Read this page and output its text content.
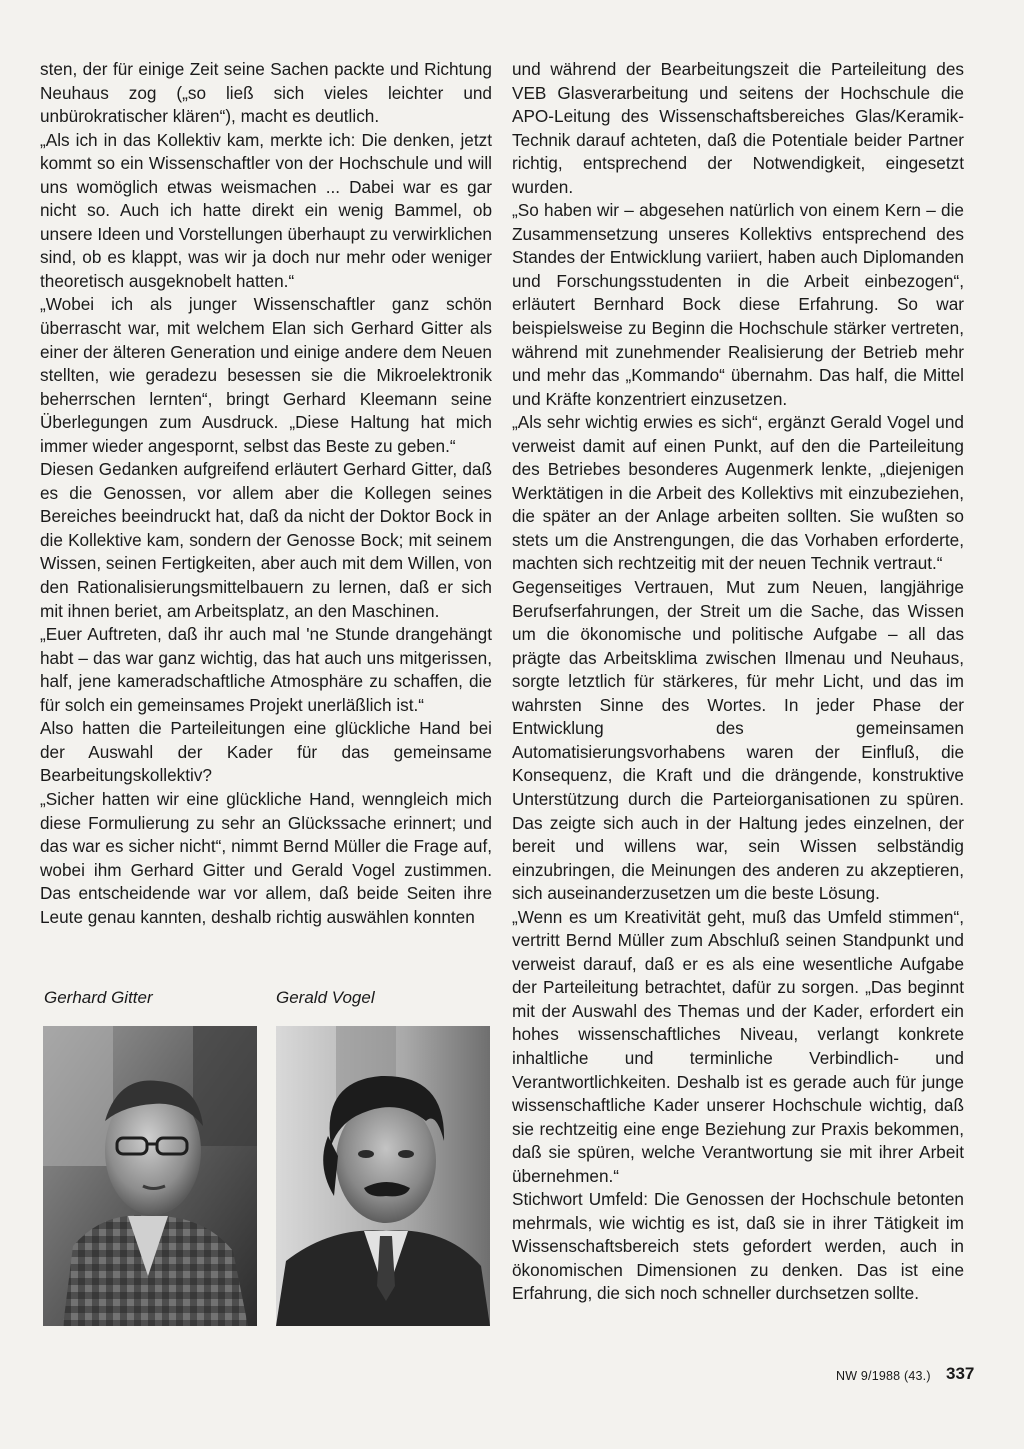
sten, der für einige Zeit seine Sachen packte und Richtung Neuhaus zog („so ließ sich vieles leichter und unbürokratischer klären“), macht es deutlich.

„Als ich in das Kollektiv kam, merkte ich: Die denken, jetzt kommt so ein Wissenschaftler von der Hochschule und will uns womöglich etwas weismachen ... Dabei war es gar nicht so. Auch ich hatte direkt ein wenig Bammel, ob unsere Ideen und Vorstellungen überhaupt zu verwirklichen sind, ob es klappt, was wir ja doch nur mehr oder weniger theoretisch ausgeknobelt hatten.“

„Wobei ich als junger Wissenschaftler ganz schön überrascht war, mit welchem Elan sich Gerhard Gitter als einer der älteren Generation und einige andere dem Neuen stellten, wie geradezu besessen sie die Mikroelektronik beherrschen lernten“, bringt Gerhard Kleemann seine Überlegungen zum Ausdruck. „Diese Haltung hat mich immer wieder angespornt, selbst das Beste zu geben.“

Diesen Gedanken aufgreifend erläutert Gerhard Gitter, daß es die Genossen, vor allem aber die Kollegen seines Bereiches beeindruckt hat, daß da nicht der Doktor Bock in die Kollektive kam, sondern der Genosse Bock; mit seinem Wissen, seinen Fertigkeiten, aber auch mit dem Willen, von den Rationalisierungsmittelbauern zu lernen, daß er sich mit ihnen beriet, am Arbeitsplatz, an den Maschinen.

„Euer Auftreten, daß ihr auch mal 'ne Stunde drangehängt habt – das war ganz wichtig, das hat auch uns mitgerissen, half, jene kameradschaftliche Atmosphäre zu schaffen, die für solch ein gemeinsames Projekt unerläßlich ist.“

Also hatten die Parteileitungen eine glückliche Hand bei der Auswahl der Kader für das gemeinsame Bearbeitungskollektiv?

„Sicher hatten wir eine glückliche Hand, wenngleich mich diese Formulierung zu sehr an Glückssache erinnert; und das war es sicher nicht“, nimmt Bernd Müller die Frage auf, wobei ihm Gerhard Gitter und Gerald Vogel zustimmen. Das entscheidende war vor allem, daß beide Seiten ihre Leute genau kannten, deshalb richtig auswählen konnten

und während der Bearbeitungszeit die Parteileitung des VEB Glasverarbeitung und seitens der Hochschule die APO-Leitung des Wissenschaftsbereiches Glas/Keramik-Technik darauf achteten, daß die Potentiale beider Partner richtig, entsprechend der Notwendigkeit, eingesetzt wurden.

„So haben wir – abgesehen natürlich von einem Kern – die Zusammensetzung unseres Kollektivs entsprechend des Standes der Entwicklung variiert, haben auch Diplomanden und Forschungsstudenten in die Arbeit einbezogen“, erläutert Bernhard Bock diese Erfahrung. So war beispielsweise zu Beginn die Hochschule stärker vertreten, während mit zunehmender Realisierung der Betrieb mehr und mehr das „Kommando“ übernahm. Das half, die Mittel und Kräfte konzentriert einzusetzen.

„Als sehr wichtig erwies es sich“, ergänzt Gerald Vogel und verweist damit auf einen Punkt, auf den die Parteileitung des Betriebes besonderes Augenmerk lenkte, „diejenigen Werktätigen in die Arbeit des Kollektivs mit einzubeziehen, die später an der Anlage arbeiten sollten. Sie wußten so stets um die Anstrengungen, die das Vorhaben erforderte, machten sich rechtzeitig mit der neuen Technik vertraut.“

Gegenseitiges Vertrauen, Mut zum Neuen, langjährige Berufserfahrungen, der Streit um die Sache, das Wissen um die ökonomische und politische Aufgabe – all das prägte das Arbeitsklima zwischen Ilmenau und Neuhaus, sorgte letztlich für stärkeres, für mehr Licht, und das im wahrsten Sinne des Wortes. In jeder Phase der Entwicklung des gemeinsamen Automatisierungsvorhabens waren der Einfluß, die Konsequenz, die Kraft und die drängende, konstruktive Unterstützung durch die Parteiorganisationen zu spüren. Das zeigte sich auch in der Haltung jedes einzelnen, der bereit und willens war, sein Wissen selbständig einzubringen, die Meinungen des anderen zu akzeptieren, sich auseinanderzusetzen um die beste Lösung.

„Wenn es um Kreativität geht, muß das Umfeld stimmen“, vertritt Bernd Müller zum Abschluß seinen Standpunkt und verweist darauf, daß er es als eine wesentliche Aufgabe der Parteileitung betrachtet, dafür zu sorgen. „Das beginnt mit der Auswahl des Themas und der Kader, erfordert ein hohes wissenschaftliches Niveau, verlangt konkrete inhaltliche und terminliche Verbindlich- und Verantwortlichkeiten. Deshalb ist es gerade auch für junge wissenschaftliche Kader unserer Hochschule wichtig, daß sie rechtzeitig eine enge Beziehung zur Praxis bekommen, daß sie spüren, welche Verantwortung sie mit ihrer Arbeit übernehmen.“

Stichwort Umfeld: Die Genossen der Hochschule betonten mehrmals, wie wichtig es ist, daß sie in ihrer Tätigkeit im Wissenschaftsbereich stets gefordert werden, auch in ökonomischen Dimensionen zu denken. Das ist eine Erfahrung, die sich noch schneller durchsetzen sollte.

Gerhard Gitter	Gerald Vogel
NW 9/1988 (43.) 337
